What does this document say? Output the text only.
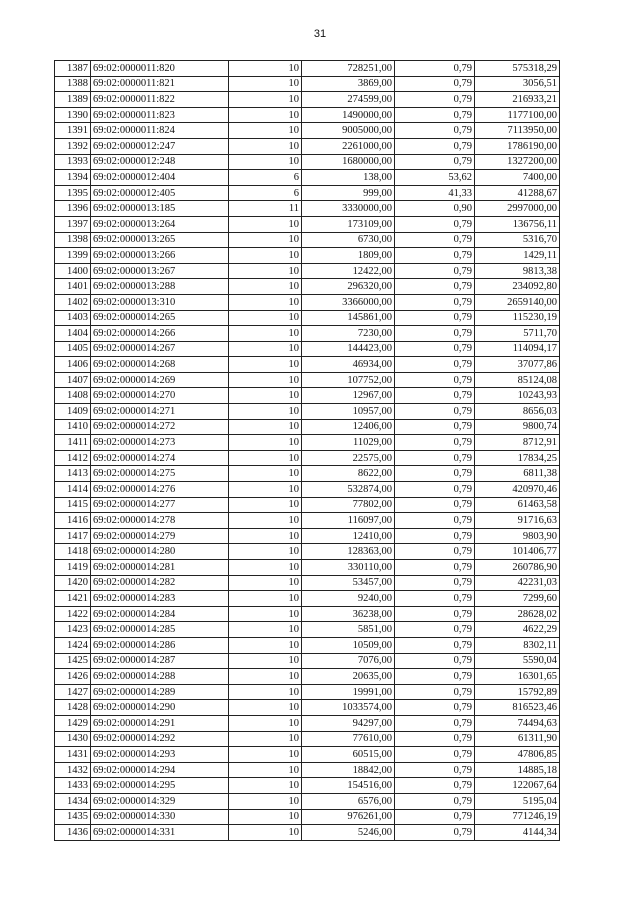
31
1387	69:02:0000011:820	10	728251,00	0,79	575318,29
1388	69:02:0000011:821	10	3869,00	0,79	3056,51
1389	69:02:0000011:822	10	274599,00	0,79	216933,21
1390	69:02:0000011:823	10	1490000,00	0,79	1177100,00
1391	69:02:0000011:824	10	9005000,00	0,79	7113950,00
1392	69:02:0000012:247	10	2261000,00	0,79	1786190,00
1393	69:02:0000012:248	10	1680000,00	0,79	1327200,00
1394	69:02:0000012:404	6	138,00	53,62	7400,00
1395	69:02:0000012:405	6	999,00	41,33	41288,67
1396	69:02:0000013:185	11	3330000,00	0,90	2997000,00
1397	69:02:0000013:264	10	173109,00	0,79	136756,11
1398	69:02:0000013:265	10	6730,00	0,79	5316,70
1399	69:02:0000013:266	10	1809,00	0,79	1429,11
1400	69:02:0000013:267	10	12422,00	0,79	9813,38
1401	69:02:0000013:288	10	296320,00	0,79	234092,80
1402	69:02:0000013:310	10	3366000,00	0,79	2659140,00
1403	69:02:0000014:265	10	145861,00	0,79	115230,19
1404	69:02:0000014:266	10	7230,00	0,79	5711,70
1405	69:02:0000014:267	10	144423,00	0,79	114094,17
1406	69:02:0000014:268	10	46934,00	0,79	37077,86
1407	69:02:0000014:269	10	107752,00	0,79	85124,08
1408	69:02:0000014:270	10	12967,00	0,79	10243,93
1409	69:02:0000014:271	10	10957,00	0,79	8656,03
1410	69:02:0000014:272	10	12406,00	0,79	9800,74
1411	69:02:0000014:273	10	11029,00	0,79	8712,91
1412	69:02:0000014:274	10	22575,00	0,79	17834,25
1413	69:02:0000014:275	10	8622,00	0,79	6811,38
1414	69:02:0000014:276	10	532874,00	0,79	420970,46
1415	69:02:0000014:277	10	77802,00	0,79	61463,58
1416	69:02:0000014:278	10	116097,00	0,79	91716,63
1417	69:02:0000014:279	10	12410,00	0,79	9803,90
1418	69:02:0000014:280	10	128363,00	0,79	101406,77
1419	69:02:0000014:281	10	330110,00	0,79	260786,90
1420	69:02:0000014:282	10	53457,00	0,79	42231,03
1421	69:02:0000014:283	10	9240,00	0,79	7299,60
1422	69:02:0000014:284	10	36238,00	0,79	28628,02
1423	69:02:0000014:285	10	5851,00	0,79	4622,29
1424	69:02:0000014:286	10	10509,00	0,79	8302,11
1425	69:02:0000014:287	10	7076,00	0,79	5590,04
1426	69:02:0000014:288	10	20635,00	0,79	16301,65
1427	69:02:0000014:289	10	19991,00	0,79	15792,89
1428	69:02:0000014:290	10	1033574,00	0,79	816523,46
1429	69:02:0000014:291	10	94297,00	0,79	74494,63
1430	69:02:0000014:292	10	77610,00	0,79	61311,90
1431	69:02:0000014:293	10	60515,00	0,79	47806,85
1432	69:02:0000014:294	10	18842,00	0,79	14885,18
1433	69:02:0000014:295	10	154516,00	0,79	122067,64
1434	69:02:0000014:329	10	6576,00	0,79	5195,04
1435	69:02:0000014:330	10	976261,00	0,79	771246,19
1436	69:02:0000014:331	10	5246,00	0,79	4144,34
